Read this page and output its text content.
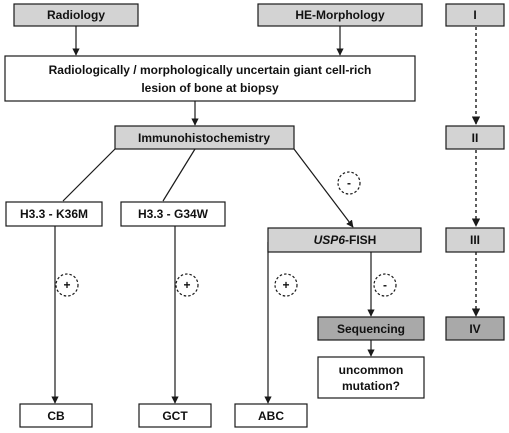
Radiology	HE-Morphology
Radiologically / morphologically uncertain giant cell-rich
lesion of bone at biopsy
Immunohistochemistry
H3.3 - K36M	H3.3 - G34W
USP6-FISH
Sequencing
uncommon
mutation?
CB	GCT	ABC
I
II
III
IV
-
+	+	+	-
